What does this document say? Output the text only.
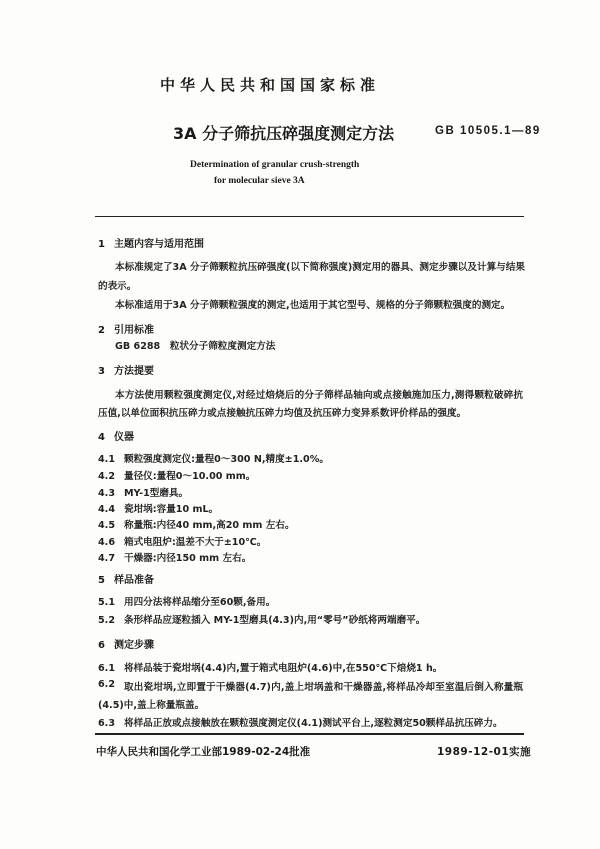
中华人民共和国国家标准
3A 分子筛抗压碎强度测定方法	GB 10505.1—89
Determination of granular crush-strength
for molecular sieve 3A
1 主题内容与适用范围
本标准规定了3A 分子筛颗粒抗压碎强度(以下简称强度)测定用的器具、测定步骤以及计算与结果
的表示。
本标准适用于3A 分子筛颗粒强度的测定,也适用于其它型号、规格的分子筛颗粒强度的测定。
2 引用标准
GB 6288　粒状分子筛粒度测定方法
3 方法提要
本方法使用颗粒强度测定仪,对经过焙烧后的分子筛样品轴向或点接触施加压力,测得颗粒破碎抗
压值,以单位面积抗压碎力或点接触抗压碎力均值及抗压碎力变异系数评价样品的强度。
4 仪器
4.1 颗粒强度测定仪:量程0～300 N,精度±1.0%。
4.2 量径仪:量程0～10.00 mm。
4.3 MY-1型磨具。
4.4 瓷坩埚:容量10 mL。
4.5 称量瓶:内径40 mm,高20 mm 左右。
4.6 箱式电阻炉:温差不大于±10℃。
4.7 干燥器:内径150 mm 左右。
5 样品准备
5.1 用四分法将样品缩分至60颗,备用。
5.2 条形样品应逐粒插入 MY-1型磨具(4.3)内,用“零号”砂纸将两端磨平。
6 测定步骤
6.1 将样品装于瓷坩埚(4.4)内,置于箱式电阻炉(4.6)中,在550℃下焙烧1 h。
6.2 取出瓷坩埚,立即置于干燥器(4.7)内,盖上坩埚盖和干燥器盖,将样品冷却至室温后倒入称量瓶
(4.5)中,盖上称量瓶盖。
6.3 将样品正放或点接触放在颗粒强度测定仪(4.1)测试平台上,逐粒测定50颗样品抗压碎力。
中华人民共和国化学工业部1989-02-24批准	1989-12-01实施
